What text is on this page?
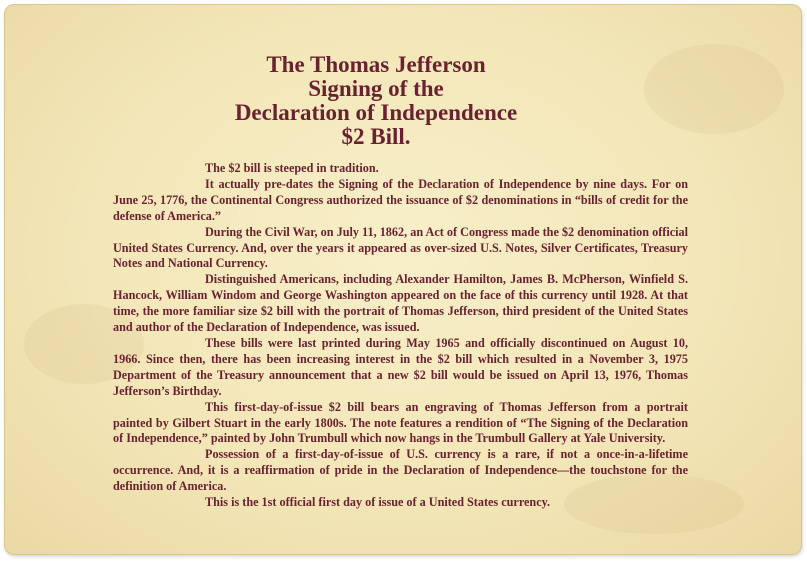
The Thomas Jefferson
Signing of the
Declaration of Independence
$2 Bill.

The $2 bill is steeped in tradition.

It actually pre-dates the Signing of the Declaration of Independence by nine days. For on June 25, 1776, the Continental Congress authorized the issuance of $2 denominations in “bills of credit for the defense of America.”

During the Civil War, on July 11, 1862, an Act of Congress made the $2 denomination official United States Currency. And, over the years it appeared as over-sized U.S. Notes, Silver Certificates, Treasury Notes and National Currency.

Distinguished Americans, including Alexander Hamilton, James B. McPherson, Winfield S. Hancock, William Windom and George Washington appeared on the face of this currency until 1928. At that time, the more familiar size $2 bill with the portrait of Thomas Jefferson, third president of the United States and author of the Declaration of Independence, was issued.

These bills were last printed during May 1965 and officially discontinued on August 10, 1966. Since then, there has been increasing interest in the $2 bill which resulted in a November 3, 1975 Department of the Treasury announcement that a new $2 bill would be issued on April 13, 1976, Thomas Jefferson’s Birthday.

This first-day-of-issue $2 bill bears an engraving of Thomas Jefferson from a portrait painted by Gilbert Stuart in the early 1800s. The note features a rendition of “The Signing of the Declaration of Independence,” painted by John Trumbull which now hangs in the Trumbull Gallery at Yale University.

Possession of a first-day-of-issue of U.S. currency is a rare, if not a once-in-a-lifetime occurrence. And, it is a reaffirmation of pride in the Declaration of Independence—the touchstone for the definition of America.

This is the 1st official first day of issue of a United States currency.
